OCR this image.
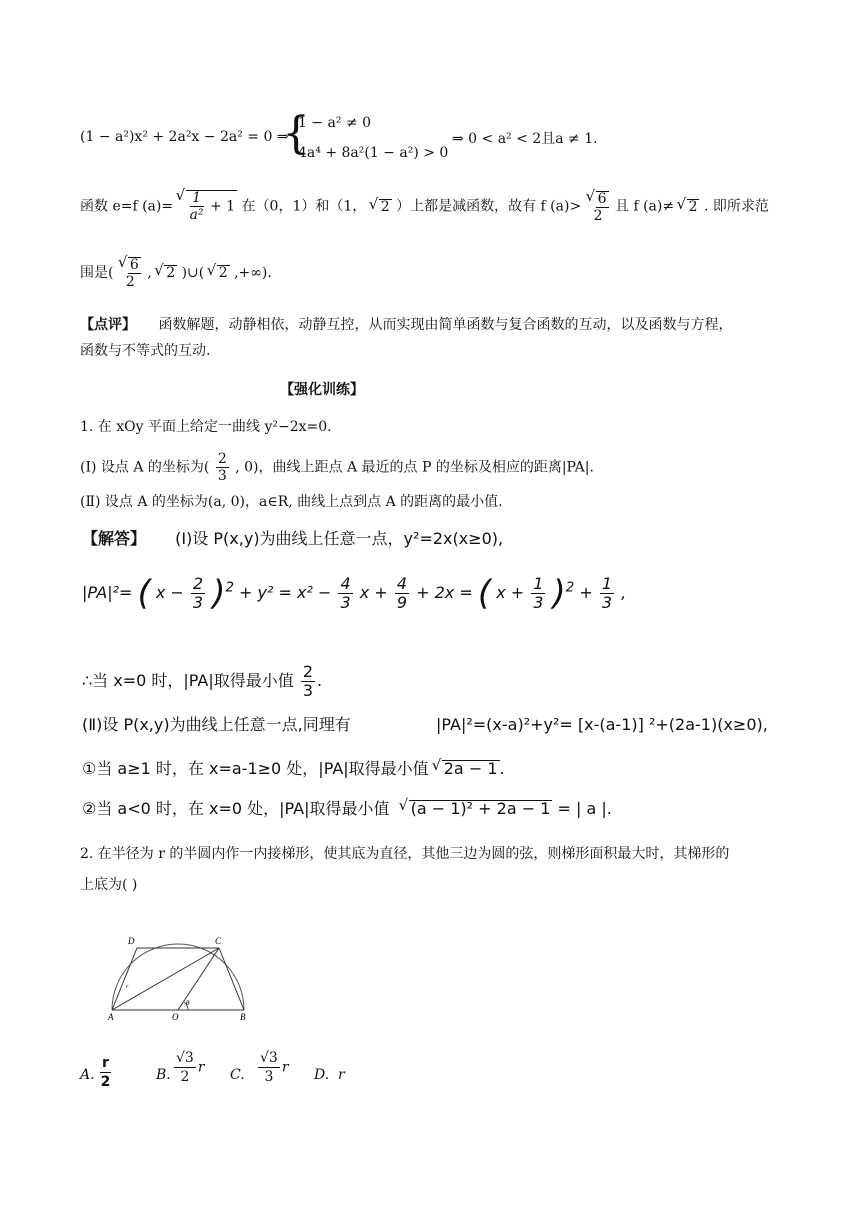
(1 − a²)x² + 2a²x − 2a² = 0 ⇒
{
1 − a² ≠ 0
4a⁴ + 8a²(1 − a²) > 0
⇒ 0 < a² < 2且a ≠ 1.
函数 e=f (a)= √ $\frac{1}{\text{a²}} + 1$ 在（0，1）和（1， √ 2 ）上都是减函数，故有 f (a)> √ $\frac{6}{2}$ 且 f (a)≠ √ 2 . 即所求范
围是( √ $\frac{6}{2}$ , √ 2 )∪( √ 2 ,+∞).
【点评】 函数解题，动静相依，动静互控，从而实现由简单函数与复合函数的互动，以及函数与方程，
函数与不等式的互动.
【强化训练】
1. 在 xOy 平面上给定一曲线 y²−2x=0.
(Ⅰ) 设点 A 的坐标为( $\frac{2}{3}$ , 0)，曲线上距点 A 最近的点 P 的坐标及相应的距离|PA|.
(Ⅱ) 设点 A 的坐标为(a, 0)，a∈R, 曲线上点到点 A 的距离的最小值.
【解答】 (Ⅰ)设 P(x,y)为曲线上任意一点，y²=2x(x≥0),
|PA|²= ( $x - \frac{2}{3} )^2 + y^2 = x^2 - \frac{4}{3}$ $x + \frac{4}{9} + 2x$ = ( $x + \frac{1}{3} )^2 + \frac{1}{3}$ ,
∴当 x=0 时，|PA|取得最小值 $\frac{2}{3}$ .
(Ⅱ)设 P(x,y)为曲线上任意一点,同理有	|PA|²=(x-a)²+y²= [x-(a-1)] ²+(2a-1)(x≥0),
①当 a≥1 时，在 x=a-1≥0 处，|PA|取得最小值 √ 2a − 1 .
②当 a<0 时，在 x=0 处，|PA|取得最小值 √ (a − 1)² + 2a − 1 = | a |.
2. 在半径为 r 的半圆内作一内接梯形，使其底为直径，其他三边为圆的弦，则梯形面积最大时，其梯形的
上底为( )
D	C
A	O	B
θ
r
A. $\frac{r}{2}$	B. $\frac{√3}{2}$ r C. $\frac{√3}{3}$ r D. r
